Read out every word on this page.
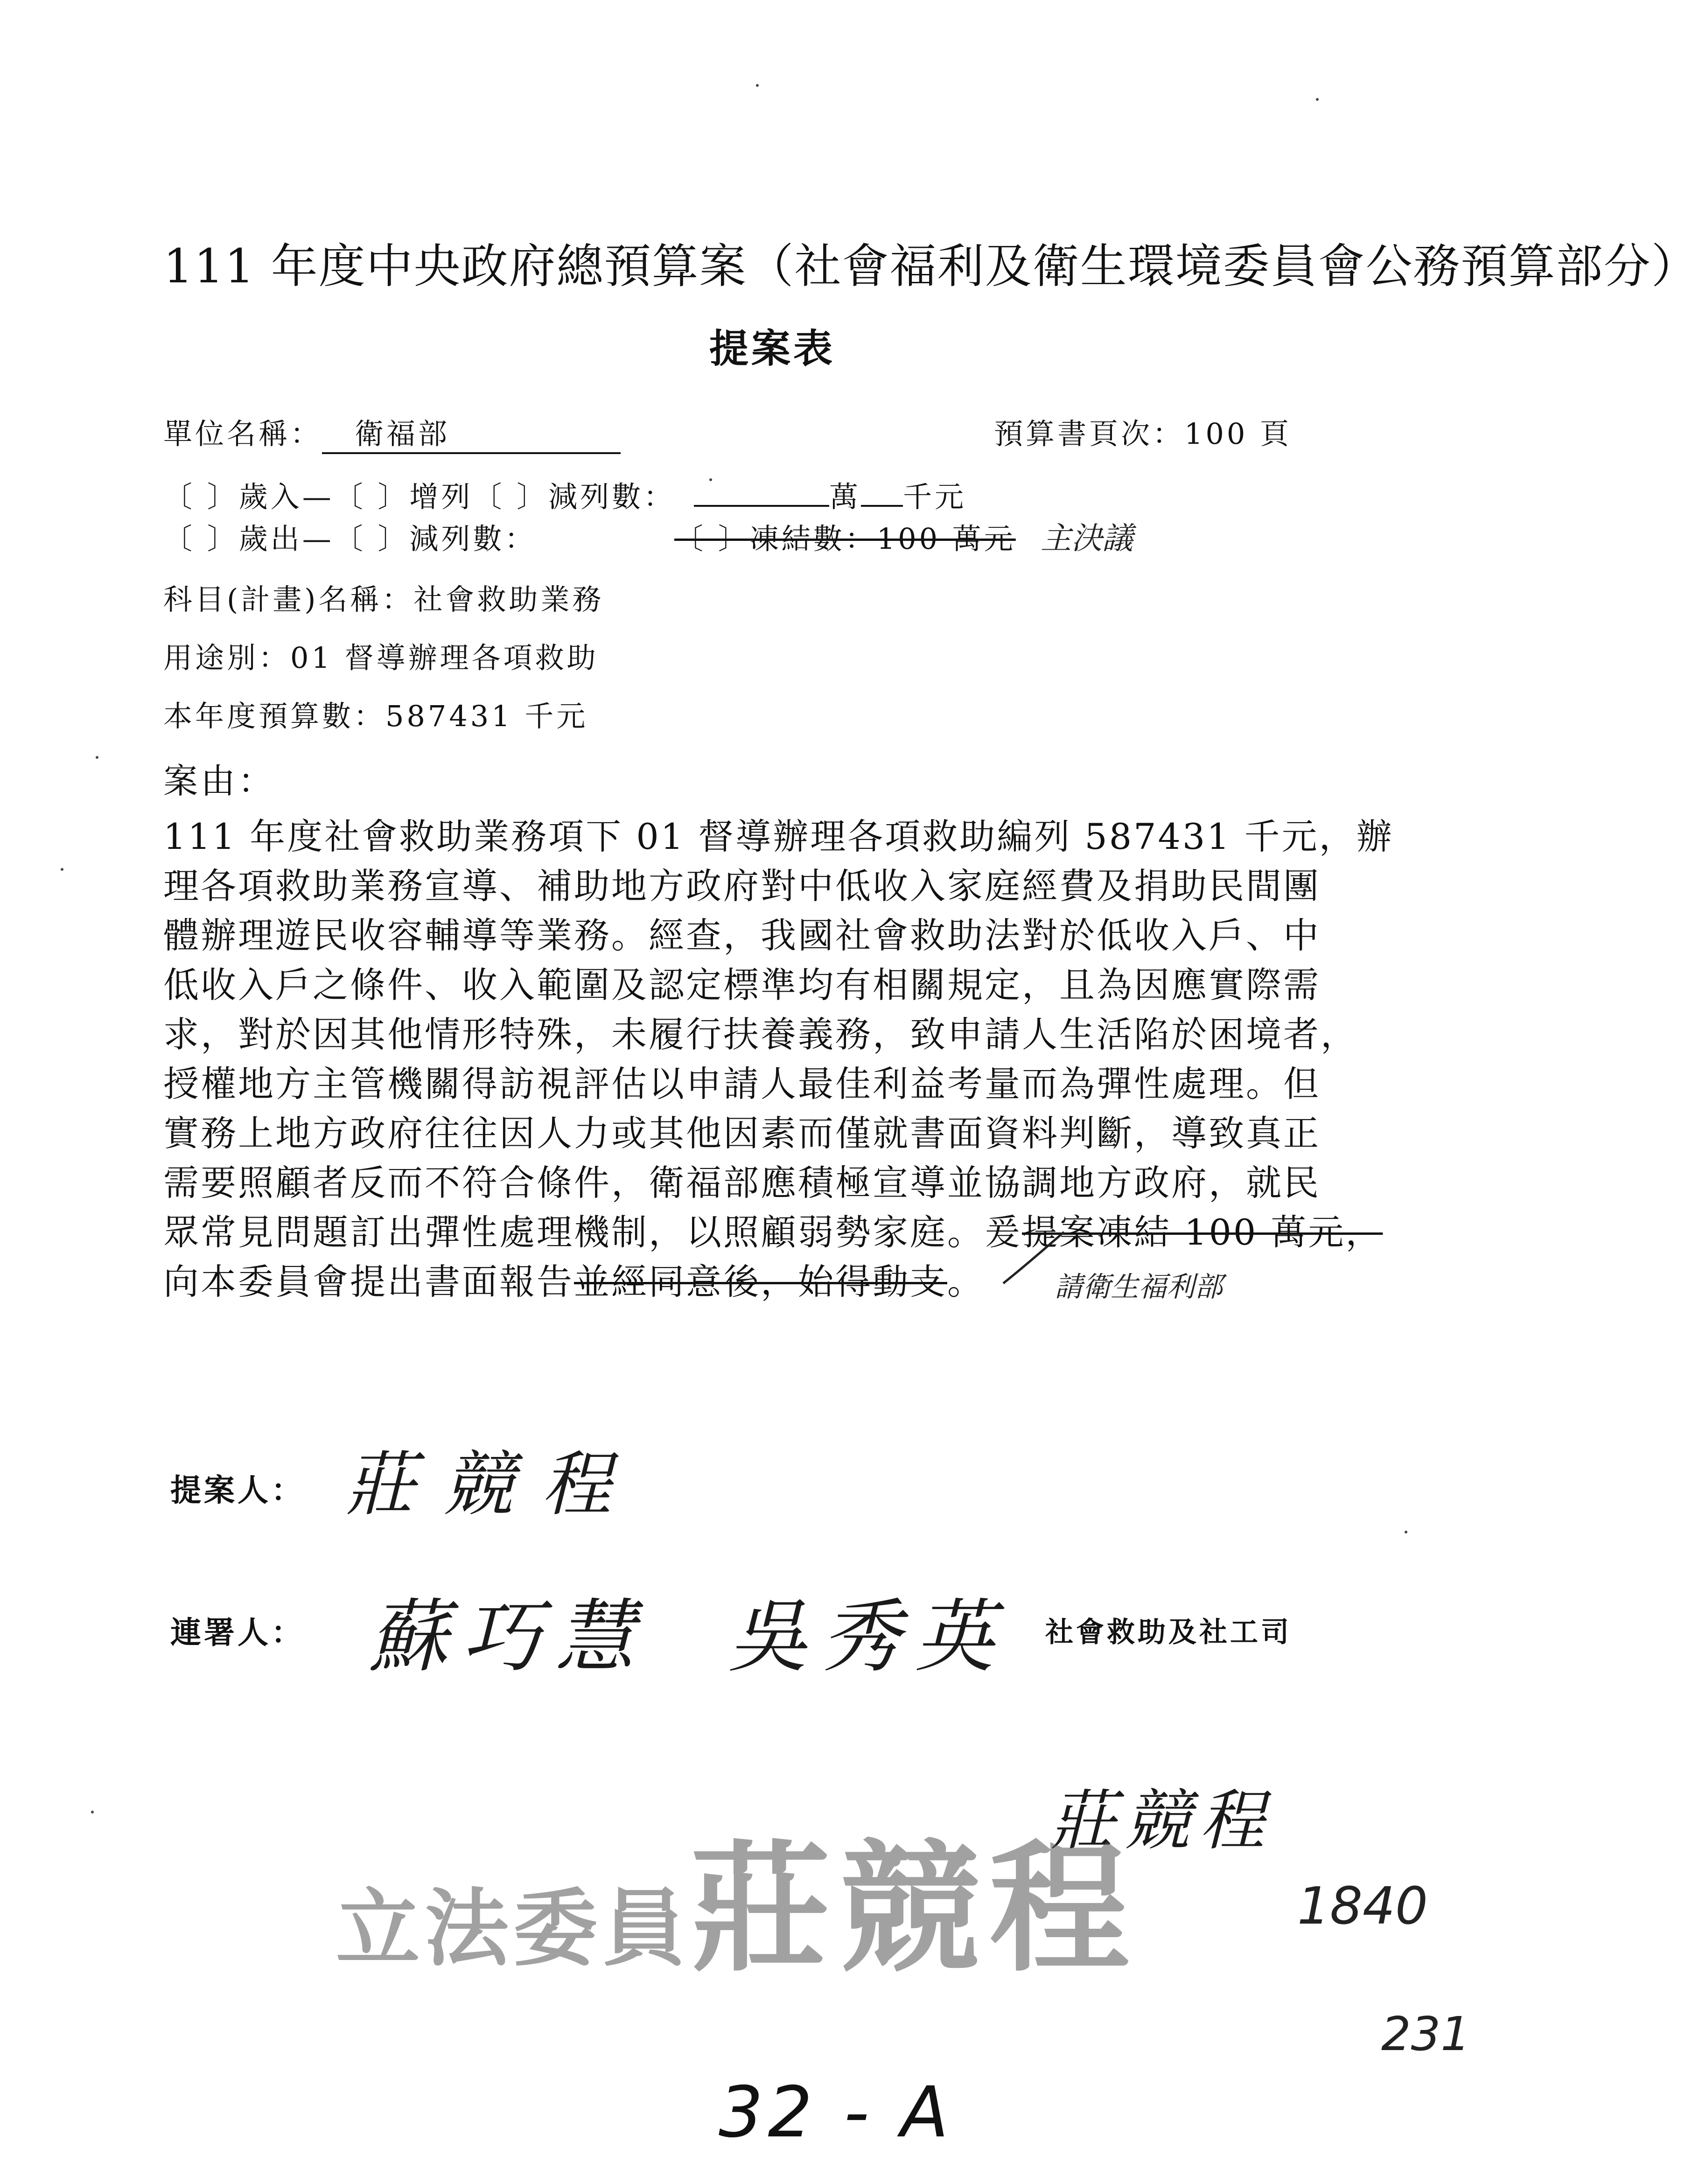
111 年度中央政府總預算案（社會福利及衛生環境委員會公務預算部分）
提案表
單位名稱： 衛福部	預算書頁次：100 頁
〔 〕歲入—〔 〕增列〔 〕減列數：	萬 千元
〔 〕歲出—〔 〕減列數：	〔 〕凍結數：100 萬元 主決議
科目(計畫)名稱：社會救助業務
用途別：01 督導辦理各項救助
本年度預算數：587431 千元
案由：
111 年度社會救助業務項下 01 督導辦理各項救助編列 587431 千元，辦
理各項救助業務宣導、補助地方政府對中低收入家庭經費及捐助民間團
體辦理遊民收容輔導等業務。經查，我國社會救助法對於低收入戶、中
低收入戶之條件、收入範圍及認定標準均有相關規定，且為因應實際需
求，對於因其他情形特殊，未履行扶養義務，致申請人生活陷於困境者，
授權地方主管機關得訪視評估以申請人最佳利益考量而為彈性處理。但
實務上地方政府往往因人力或其他因素而僅就書面資料判斷，導致真正
需要照顧者反而不符合條件，衛福部應積極宣導並協調地方政府，就民
眾常見問題訂出彈性處理機制，以照顧弱勢家庭。爰提案凍結 100 萬元，
向本委員會提出書面報告並經同意後，始得動支。	請衛生福利部
提案人： 莊競程
連署人： 蘇巧慧 吳秀英 社會救助及社工司
莊競程
1840
立法委員莊競程
231
32 - A
